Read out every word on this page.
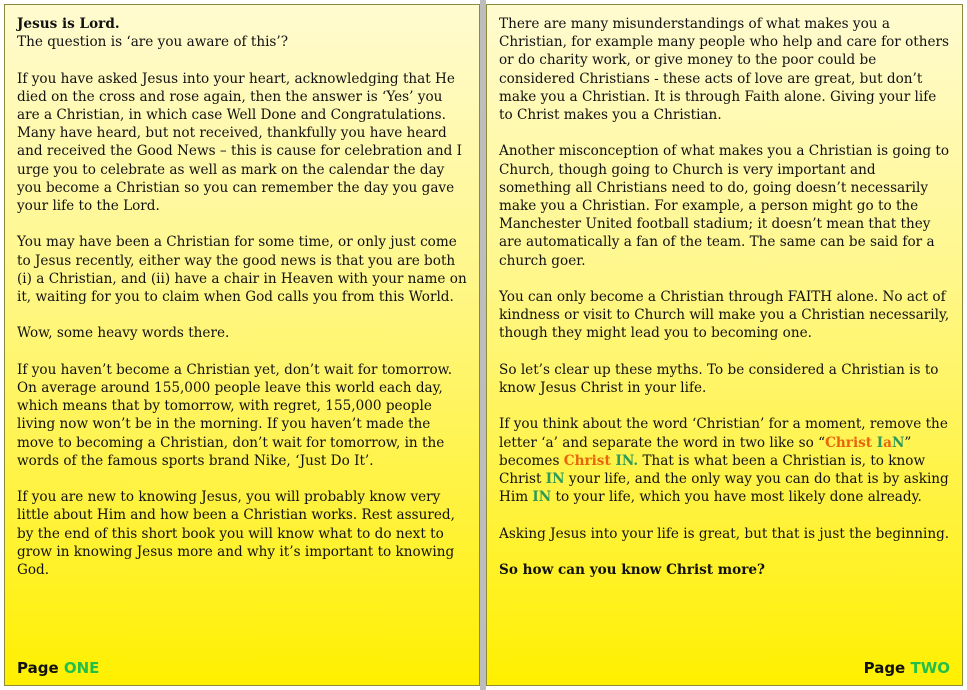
Jesus is Lord.

The question is ‘are you aware of this’?

If you have asked Jesus into your heart, acknowledging that He died on the cross and rose again, then the answer is ‘Yes’ you are a Christian, in which case Well Done and Congratulations. Many have heard, but not received, thankfully you have heard and received the Good News – this is cause for celebration and I urge you to celebrate as well as mark on the calendar the day you become a Christian so you can remember the day you gave your life to the Lord.

You may have been a Christian for some time, or only just come to Jesus recently, either way the good news is that you are both (i) a Christian, and (ii) have a chair in Heaven with your name on it, waiting for you to claim when God calls you from this World.

Wow, some heavy words there.

If you haven’t become a Christian yet, don’t wait for tomorrow. On average around 155,000 people leave this world each day, which means that by tomorrow, with regret, 155,000 people living now won’t be in the morning. If you haven’t made the move to becoming a Christian, don’t wait for tomorrow, in the words of the famous sports brand Nike, ‘Just Do It’.

If you are new to knowing Jesus, you will probably know very little about Him and how been a Christian works. Rest assured, by the end of this short book you will know what to do next to grow in knowing Jesus more and why it’s important to knowing God.

Page ONE

There are many misunderstandings of what makes you a Christian, for example many people who help and care for others or do charity work, or give money to the poor could be considered Christians - these acts of love are great, but don’t make you a Christian. It is through Faith alone. Giving your life to Christ makes you a Christian.

Another misconception of what makes you a Christian is going to Church, though going to Church is very important and something all Christians need to do, going doesn’t necessarily make you a Christian. For example, a person might go to the Manchester United football stadium; it doesn’t mean that they are automatically a fan of the team. The same can be said for a church goer.

You can only become a Christian through FAITH alone. No act of kindness or visit to Church will make you a Christian necessarily, though they might lead you to becoming one.

So let’s clear up these myths. To be considered a Christian is to know Jesus Christ in your life.

If you think about the word ‘Christian’ for a moment, remove the letter ‘a’ and separate the word in two like so “Christ IaN” becomes Christ IN. That is what been a Christian is, to know Christ IN your life, and the only way you can do that is by asking Him IN to your life, which you have most likely done already.

Asking Jesus into your life is great, but that is just the beginning.

So how can you know Christ more?

Page TWO
